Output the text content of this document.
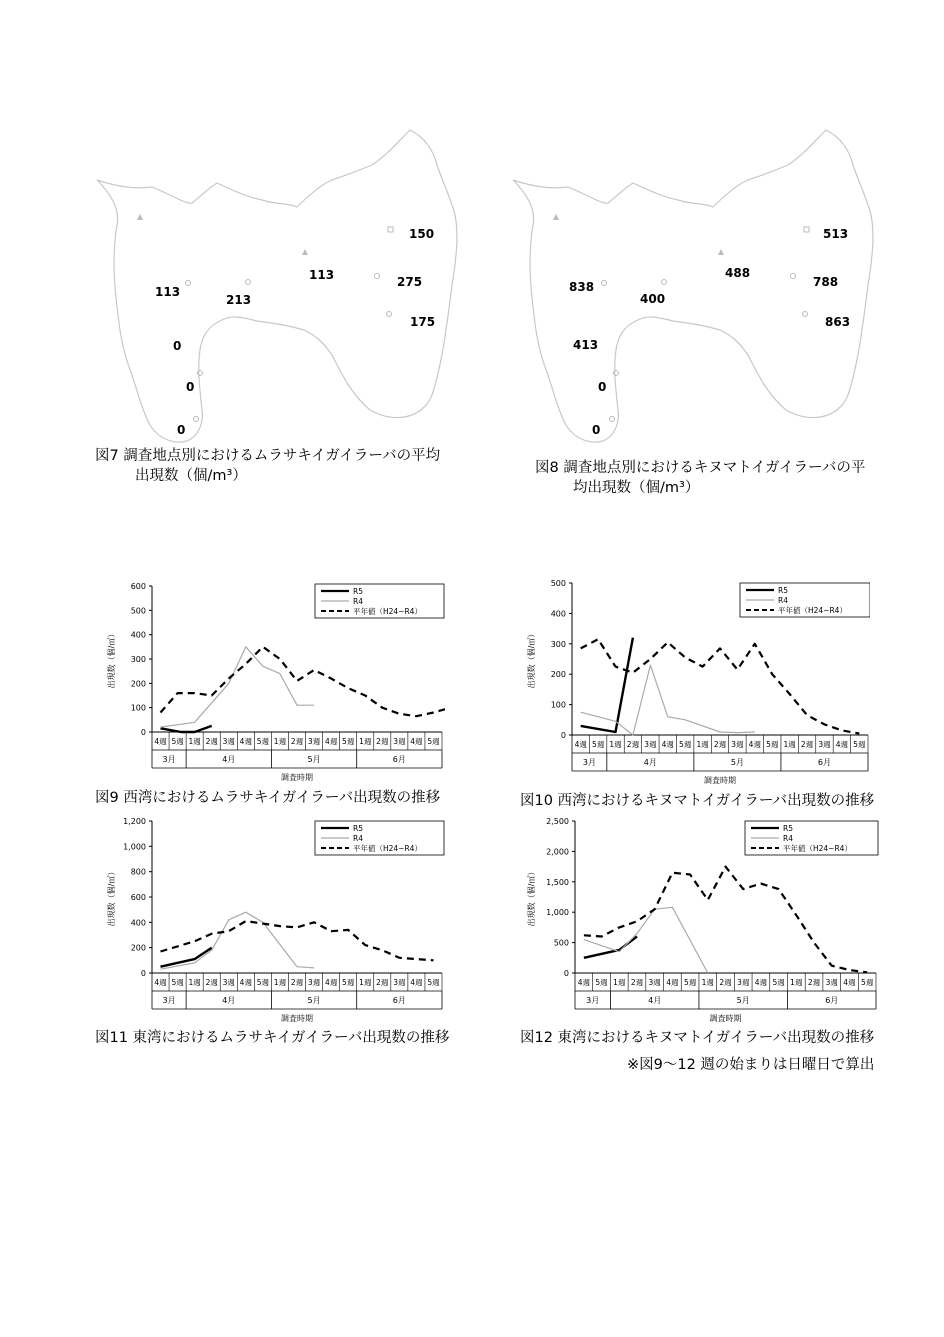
150
113
275
113
213
175
0
0
0
図7 調査地点別におけるムラサキイガイラーバの平均
出現数（個/m³）
513
488
788
838
400
863
413
0
0
図8 調査地点別におけるキヌマトイガイラーバの平
均出現数（個/m³）
0
100
200
300
400
500
600
出現数（個/㎥）
4週 5週 1週 2週 3週 4週 5週 1週 2週 3週 4週 5週 1週 2週 3週 4週 5週
3月	4月	5月	6月
調査時期
R5
R4
平年値（H24~R4）
図9 西湾におけるムラサキイガイラーバ出現数の推移
0
100
200
300
400
500
出現数（個/㎥）
4週 5週 1週 2週 3週 4週 5週 1週 2週 3週 4週 5週 1週 2週 3週 4週 5週
3月	4月	5月	6月
調査時期
R5
R4
平年値（H24~R4）
図10 西湾におけるキヌマトイガイラーバ出現数の推移
0
200
400
600
800
1,000
1,200
出現数（個/㎥）
4週 5週 1週 2週 3週 4週 5週 1週 2週 3週 4週 5週 1週 2週 3週 4週 5週
3月	4月	5月	6月
調査時期
R5
R4
平年値（H24~R4）
図11 東湾におけるムラサキイガイラーバ出現数の推移
0
500
1,000
1,500
2,000
2,500
出現数（個/㎥）
4週 5週 1週 2週 3週 4週 5週 1週 2週 3週 4週 5週 1週 2週 3週 4週 5週
3月	4月	5月	6月
調査時期
R5
R4
平年値（H24~R4）
図12 東湾におけるキヌマトイガイラーバ出現数の推移
※図9～12 週の始まりは日曜日で算出
